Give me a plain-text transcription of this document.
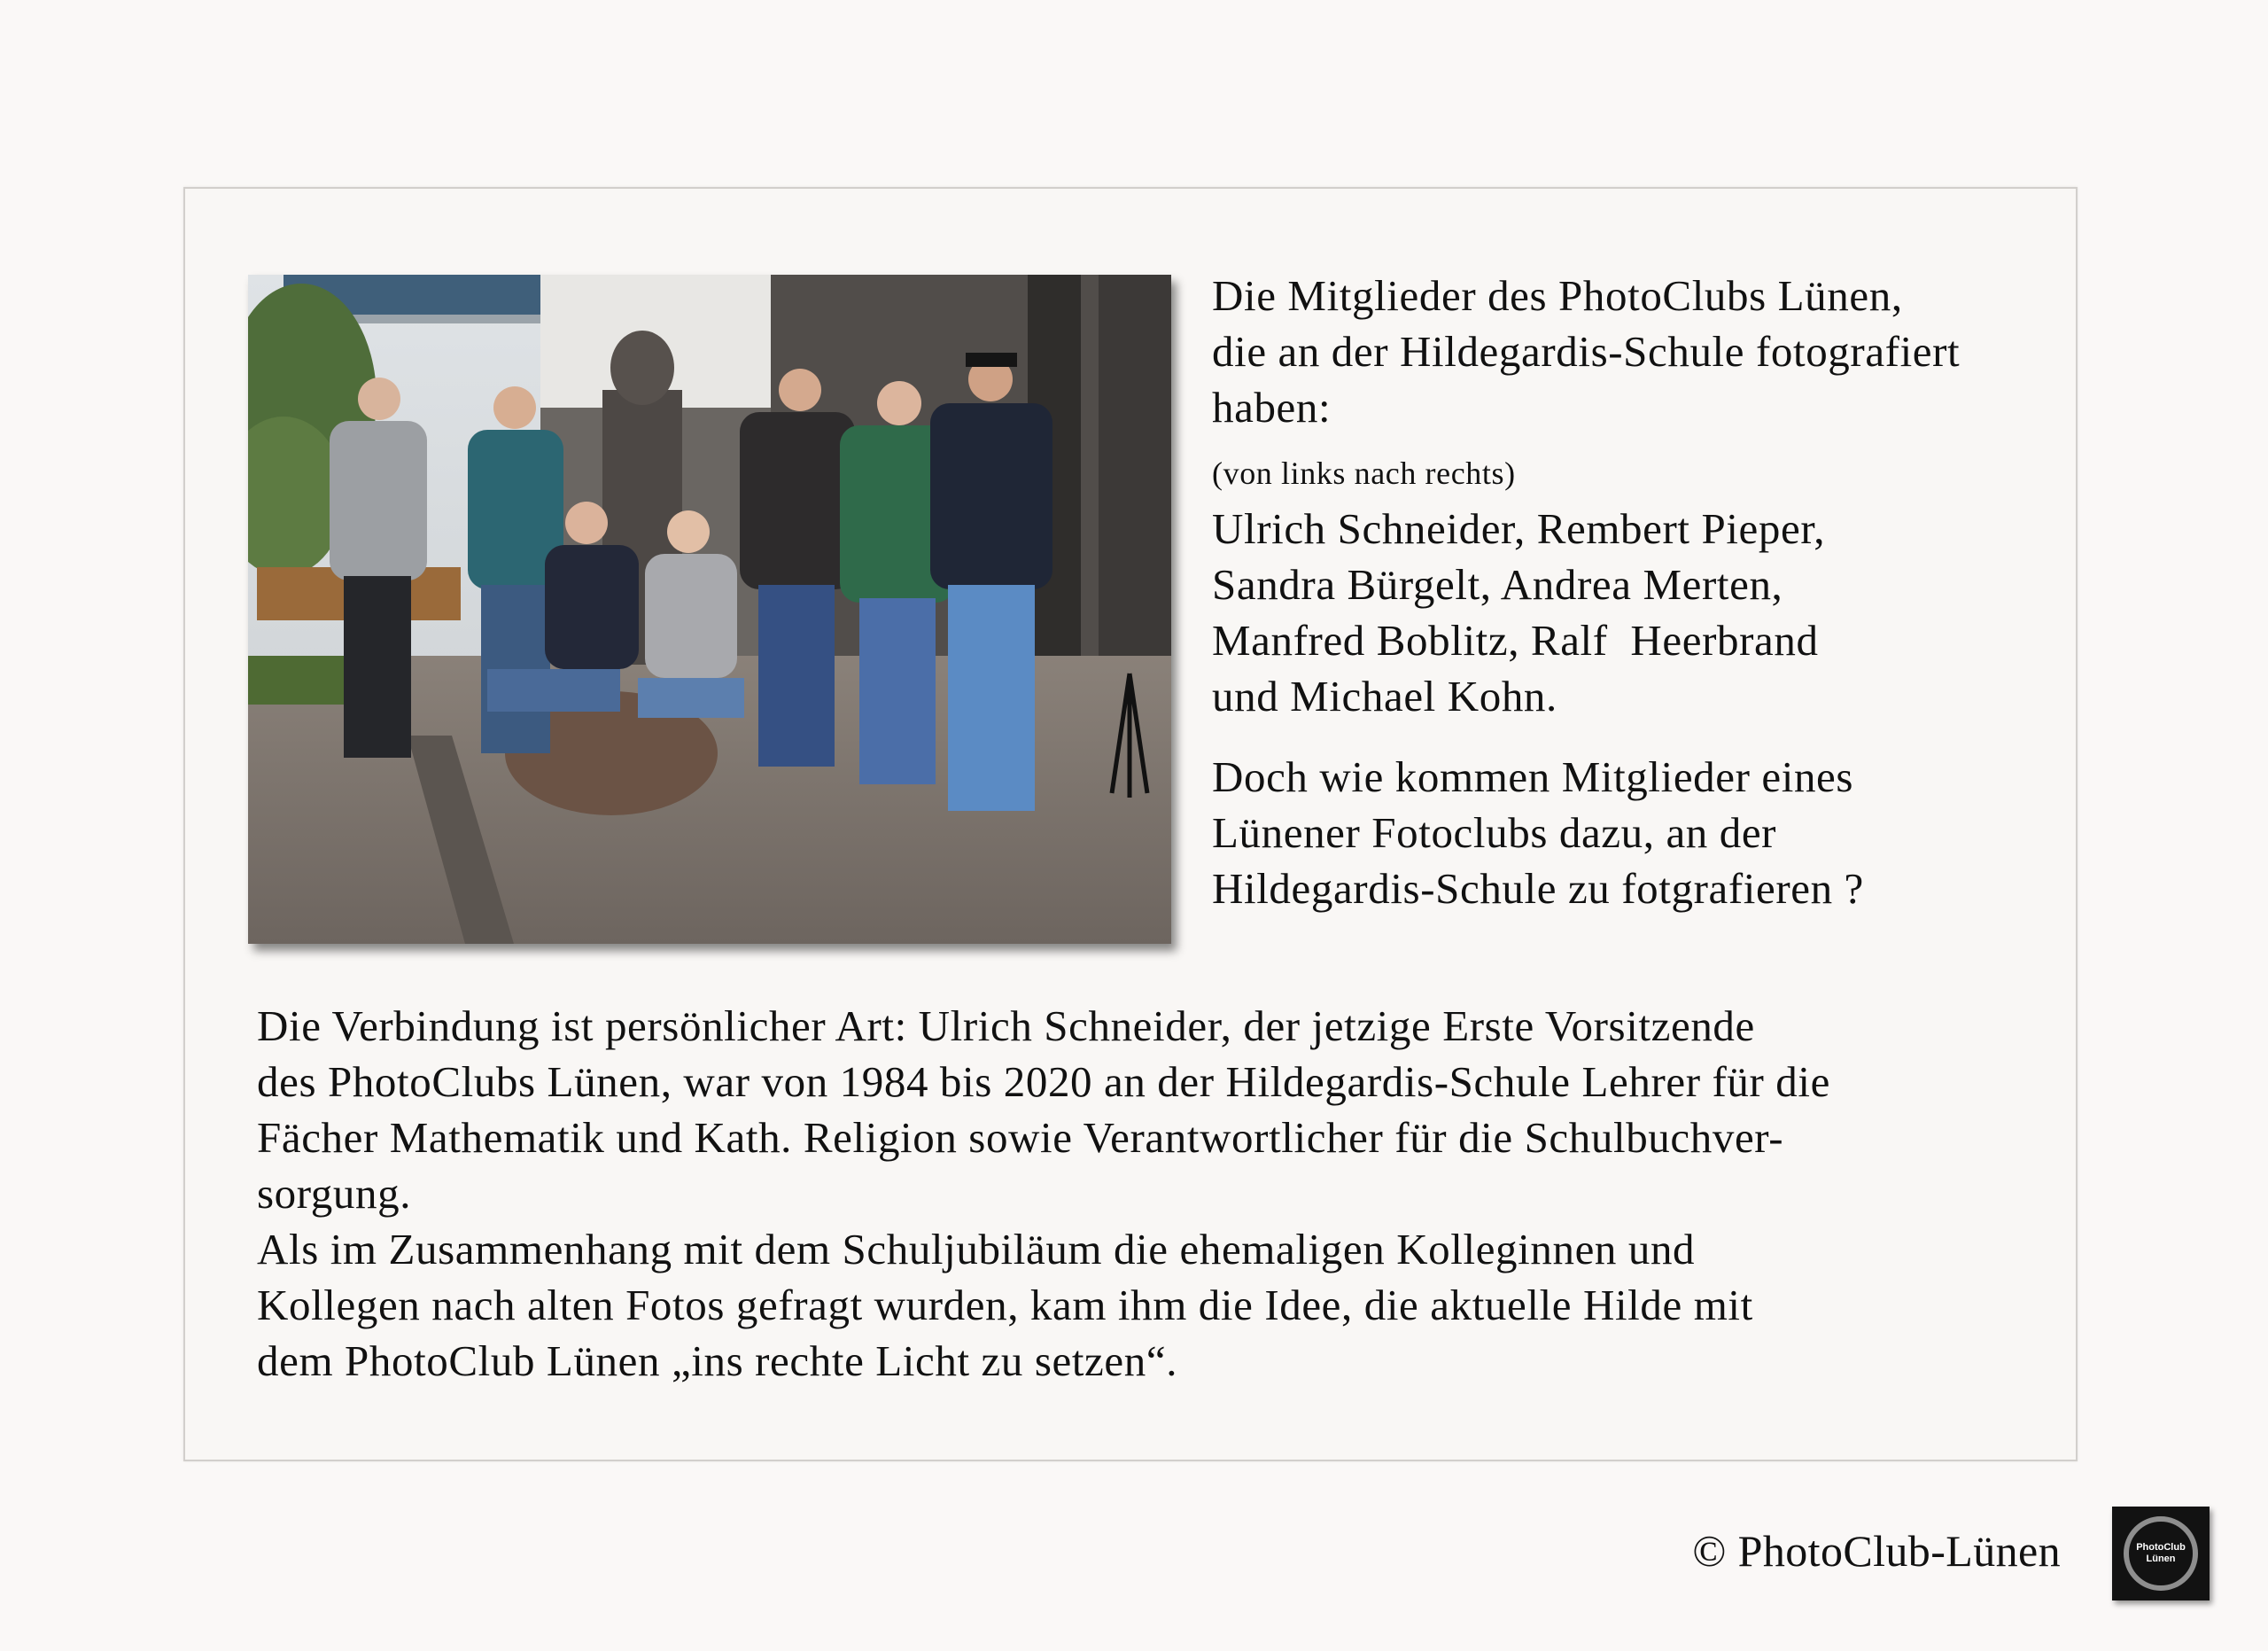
Die Mitglieder des PhotoClubs Lünen,
die an der Hildegardis-Schule fotografiert
haben:

(von links nach rechts)

Ulrich Schneider, Rembert Pieper,
Sandra Bürgelt, Andrea Merten,
Manfred Boblitz, Ralf  Heerbrand
und Michael Kohn.

Doch wie kommen Mitglieder eines
Lünener Fotoclubs dazu, an der
Hildegardis-Schule zu fotgrafieren ?

Die Verbindung ist persönlicher Art: Ulrich Schneider, der jetzige Erste Vorsitzende
des PhotoClubs Lünen, war von 1984 bis 2020 an der Hildegardis-Schule Lehrer für die
Fächer Mathematik und Kath. Religion sowie Verantwortlicher für die Schulbuchver-
sorgung.
Als im Zusammenhang mit dem Schuljubiläum die ehemaligen Kolleginnen und
Kollegen nach alten Fotos gefragt wurden, kam ihm die Idee, die aktuelle Hilde mit
dem PhotoClub Lünen „ins rechte Licht zu setzen“.

© PhotoClub-Lünen	PhotoClub
Lünen
